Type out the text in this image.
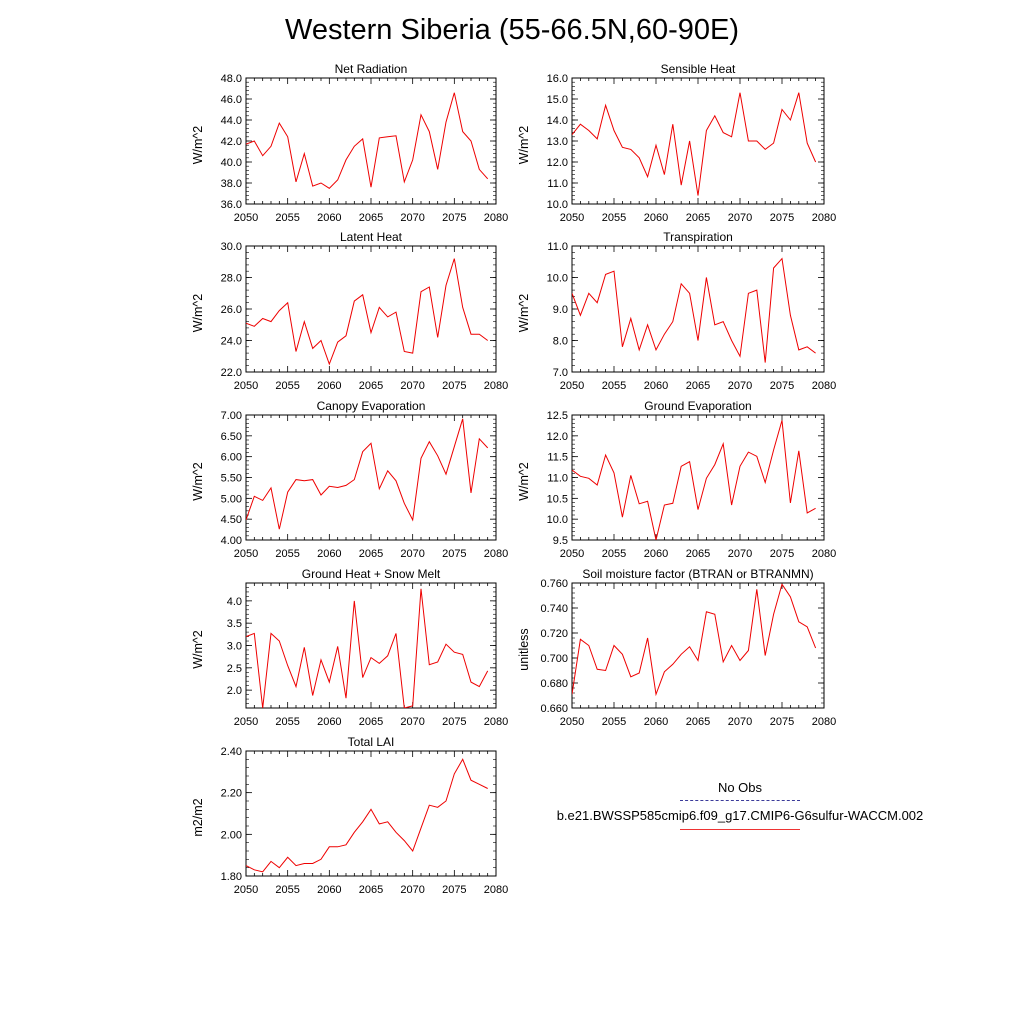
Western Siberia (55-66.5N,60-90E)
Net Radiation
W/m^2
2050 2055 2060 2065 2070 2075 2080
36.0
38.0
40.0
42.0
44.0
46.0
48.0
Sensible Heat
W/m^2
2050 2055 2060 2065 2070 2075 2080
10.0
11.0
12.0
13.0
14.0
15.0
16.0
Latent Heat
W/m^2
2050 2055 2060 2065 2070 2075 2080
22.0
24.0
26.0
28.0
30.0
Transpiration
W/m^2
2050 2055 2060 2065 2070 2075 2080
7.0
8.0
9.0
10.0
11.0
Canopy Evaporation
W/m^2
2050 2055 2060 2065 2070 2075 2080
4.00
4.50
5.00
5.50
6.00
6.50
7.00
Ground Evaporation
W/m^2
2050 2055 2060 2065 2070 2075 2080
9.5
10.0
10.5
11.0
11.5
12.0
12.5
Ground Heat + Snow Melt
W/m^2
2050 2055 2060 2065 2070 2075 2080
2.0
2.5
3.0
3.5
4.0
Soil moisture factor (BTRAN or BTRANMN)
unitless
2050 2055 2060 2065 2070 2075 2080
0.660
0.680
0.700
0.720
0.740
0.760
Total LAI
m2/m2
2050 2055 2060 2065 2070 2075 2080
1.80
2.00
2.20
2.40
No Obs
b.e21.BWSSP585cmip6.f09_g17.CMIP6-G6sulfur-WACCM.002
